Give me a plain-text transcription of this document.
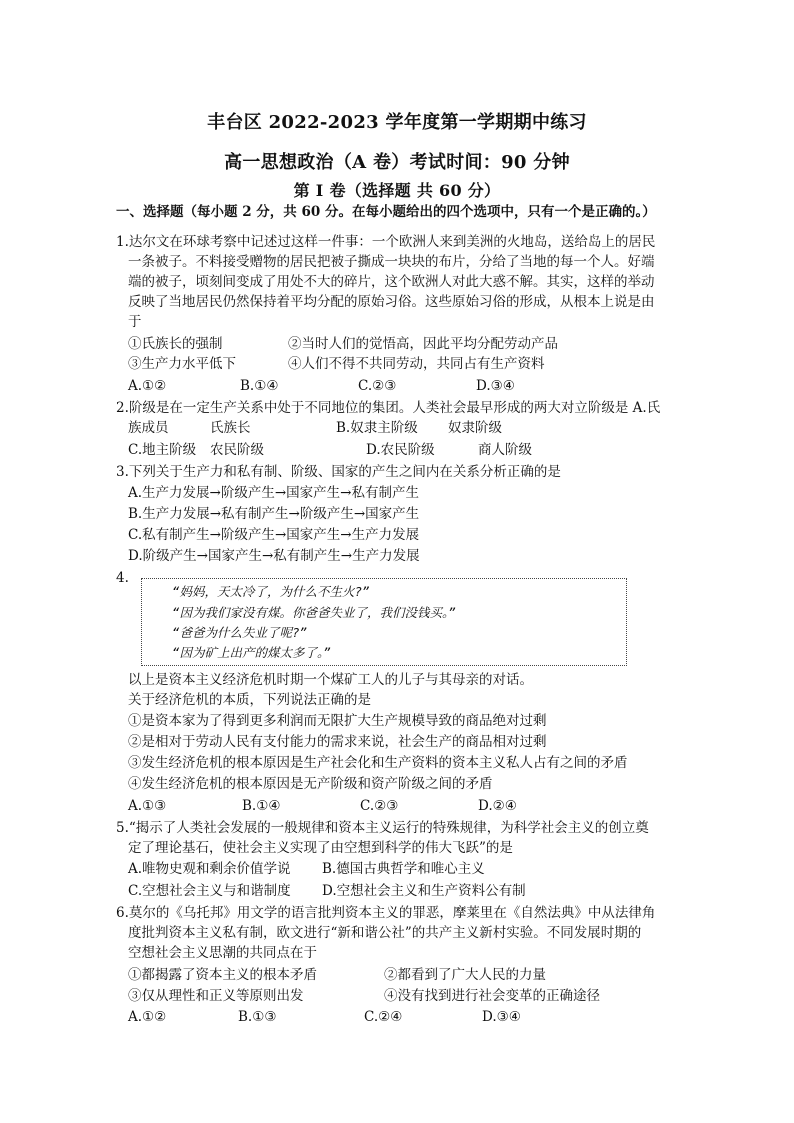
丰台区 2022-2023 学年度第一学期期中练习
高一思想政治（A 卷）考试时间：90 分钟
第 I 卷（选择题 共 60 分）
一、选择题（每小题 2 分，共 60 分。在每小题给出的四个选项中，只有一个是正确的。）
1.达尔文在环球考察中记述过这样一件事：一个欧洲人来到美洲的火地岛，送给岛上的居民
一条被子。不料接受赠物的居民把被子撕成一块块的布片，分给了当地的每一个人。好端
端的被子，顷刻间变成了用处不大的碎片，这个欧洲人对此大惑不解。其实，这样的举动
反映了当地居民仍然保持着平均分配的原始习俗。这些原始习俗的形成，从根本上说是由
于
①氏族长的强制	②当时人们的觉悟高，因此平均分配劳动产品
③生产力水平低下	④人们不得不共同劳动，共同占有生产资料
A.①②	B.①④	C.②③	D.③④
2.阶级是在一定生产关系中处于不同地位的集团。人类社会最早形成的两大对立阶级是 A.氏
族成员	氏族长	B.奴隶主阶级 奴隶阶级
C.地主阶级 农民阶级	D.农民阶级	商人阶级
3.下列关于生产力和私有制、阶级、国家的产生之间内在关系分析正确的是
A.生产力发展→阶级产生→国家产生→私有制产生
B.生产力发展→私有制产生→阶级产生→国家产生
C.私有制产生→阶级产生→国家产生→生产力发展
D.阶级产生→国家产生→私有制产生→生产力发展
4.
“妈妈，天太冷了，为什么不生火?”
“因为我们家没有煤。你爸爸失业了，我们没钱买。”
“爸爸为什么失业了呢?”
“因为矿上出产的煤太多了。”
以上是资本主义经济危机时期一个煤矿工人的儿子与其母亲的对话。
关于经济危机的本质，下列说法正确的是
①是资本家为了得到更多利润而无限扩大生产规模导致的商品绝对过剩
②是相对于劳动人民有支付能力的需求来说，社会生产的商品相对过剩
③发生经济危机的根本原因是生产社会化和生产资料的资本主义私人占有之间的矛盾
④发生经济危机的根本原因是无产阶级和资产阶级之间的矛盾
A.①③	B.①④	C.②③	D.②④
5.“揭示了人类社会发展的一般规律和资本主义运行的特殊规律，为科学社会主义的创立奠
定了理论基石，使社会主义实现了由空想到科学的伟大飞跃”的是
A.唯物史观和剩余价值学说 B.德国古典哲学和唯心主义
C.空想社会主义与和谐制度 D.空想社会主义和生产资料公有制
6.莫尔的《乌托邦》用文学的语言批判资本主义的罪恶，摩莱里在《自然法典》中从法律角
度批判资本主义私有制，欧文进行“新和谐公社”的共产主义新村实验。不同发展时期的
空想社会主义思潮的共同点在于
①都揭露了资本主义的根本矛盾	②都看到了广大人民的力量
③仅从理性和正义等原则出发	④没有找到进行社会变革的正确途径
A.①②	B.①③	C.②④	D.③④
